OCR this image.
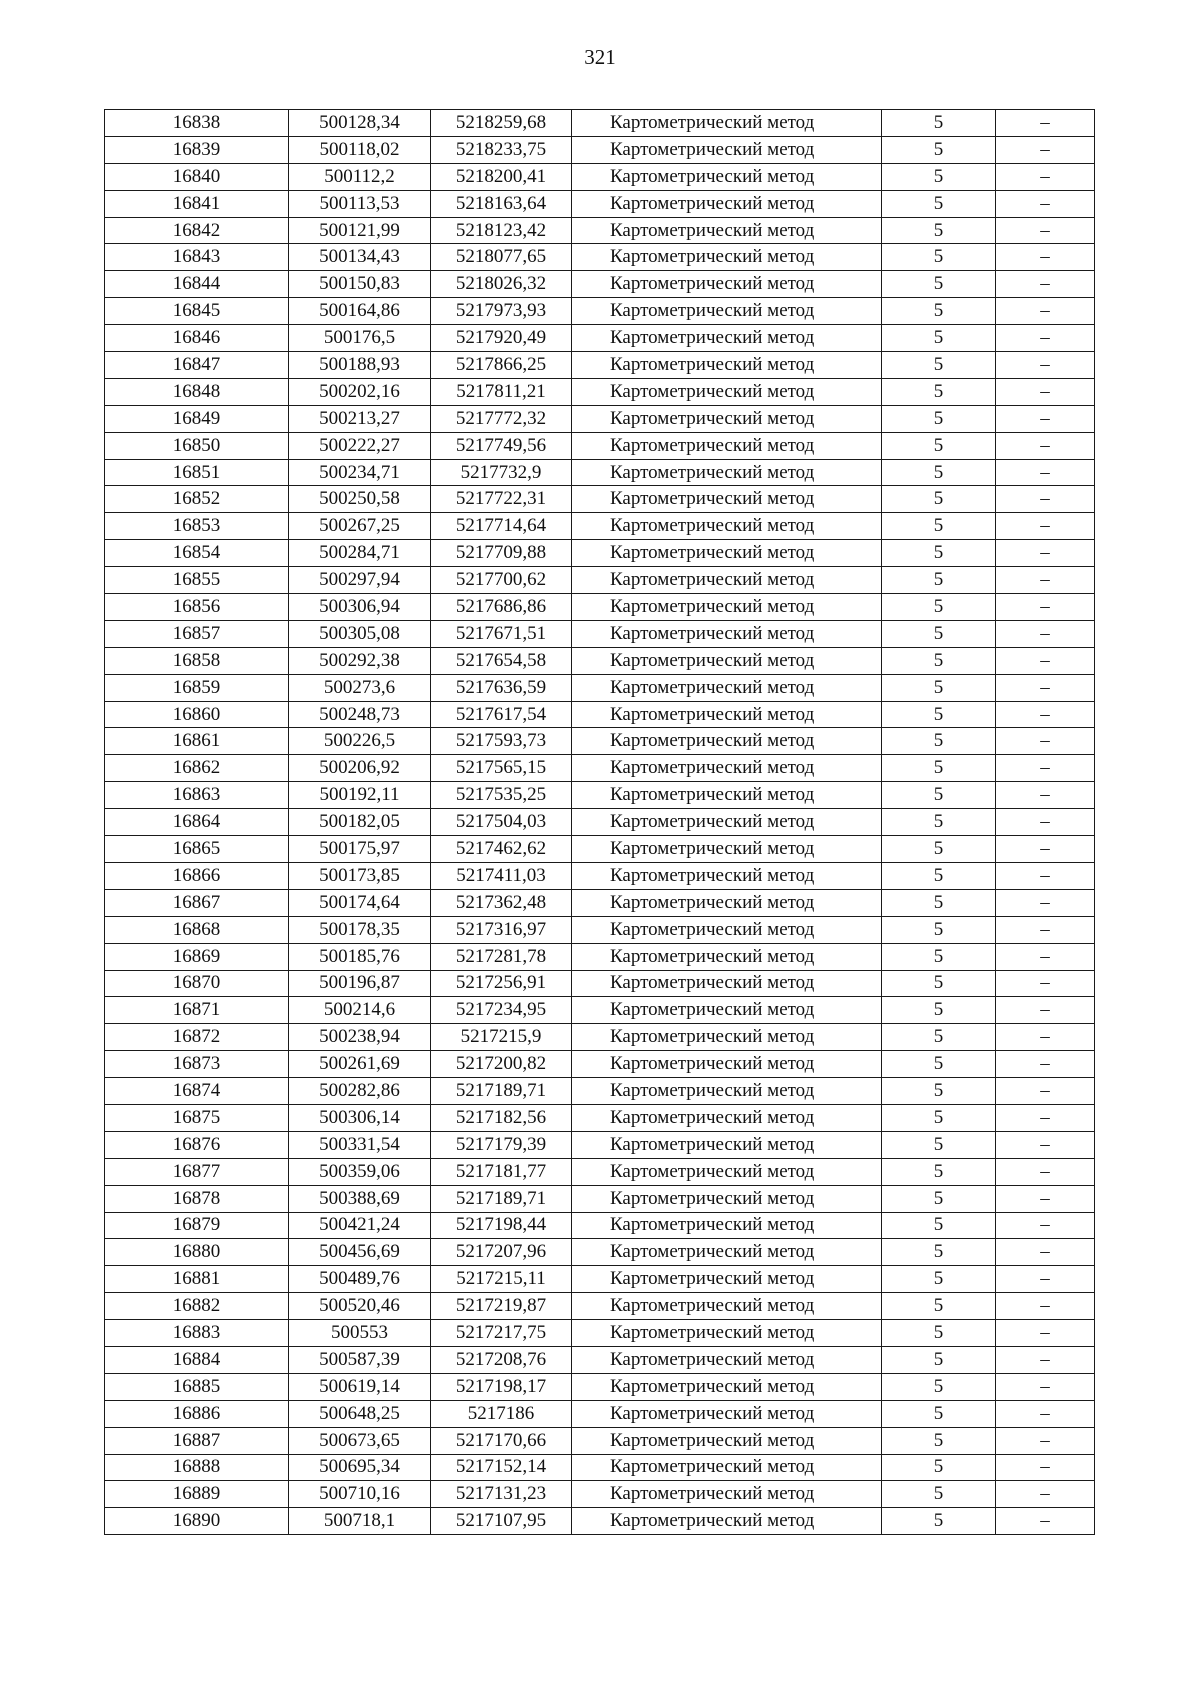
321
16838	500128,34	5218259,68	Картометрический метод	5	–
16839	500118,02	5218233,75	Картометрический метод	5	–
16840	500112,2	5218200,41	Картометрический метод	5	–
16841	500113,53	5218163,64	Картометрический метод	5	–
16842	500121,99	5218123,42	Картометрический метод	5	–
16843	500134,43	5218077,65	Картометрический метод	5	–
16844	500150,83	5218026,32	Картометрический метод	5	–
16845	500164,86	5217973,93	Картометрический метод	5	–
16846	500176,5	5217920,49	Картометрический метод	5	–
16847	500188,93	5217866,25	Картометрический метод	5	–
16848	500202,16	5217811,21	Картометрический метод	5	–
16849	500213,27	5217772,32	Картометрический метод	5	–
16850	500222,27	5217749,56	Картометрический метод	5	–
16851	500234,71	5217732,9	Картометрический метод	5	–
16852	500250,58	5217722,31	Картометрический метод	5	–
16853	500267,25	5217714,64	Картометрический метод	5	–
16854	500284,71	5217709,88	Картометрический метод	5	–
16855	500297,94	5217700,62	Картометрический метод	5	–
16856	500306,94	5217686,86	Картометрический метод	5	–
16857	500305,08	5217671,51	Картометрический метод	5	–
16858	500292,38	5217654,58	Картометрический метод	5	–
16859	500273,6	5217636,59	Картометрический метод	5	–
16860	500248,73	5217617,54	Картометрический метод	5	–
16861	500226,5	5217593,73	Картометрический метод	5	–
16862	500206,92	5217565,15	Картометрический метод	5	–
16863	500192,11	5217535,25	Картометрический метод	5	–
16864	500182,05	5217504,03	Картометрический метод	5	–
16865	500175,97	5217462,62	Картометрический метод	5	–
16866	500173,85	5217411,03	Картометрический метод	5	–
16867	500174,64	5217362,48	Картометрический метод	5	–
16868	500178,35	5217316,97	Картометрический метод	5	–
16869	500185,76	5217281,78	Картометрический метод	5	–
16870	500196,87	5217256,91	Картометрический метод	5	–
16871	500214,6	5217234,95	Картометрический метод	5	–
16872	500238,94	5217215,9	Картометрический метод	5	–
16873	500261,69	5217200,82	Картометрический метод	5	–
16874	500282,86	5217189,71	Картометрический метод	5	–
16875	500306,14	5217182,56	Картометрический метод	5	–
16876	500331,54	5217179,39	Картометрический метод	5	–
16877	500359,06	5217181,77	Картометрический метод	5	–
16878	500388,69	5217189,71	Картометрический метод	5	–
16879	500421,24	5217198,44	Картометрический метод	5	–
16880	500456,69	5217207,96	Картометрический метод	5	–
16881	500489,76	5217215,11	Картометрический метод	5	–
16882	500520,46	5217219,87	Картометрический метод	5	–
16883	500553	5217217,75	Картометрический метод	5	–
16884	500587,39	5217208,76	Картометрический метод	5	–
16885	500619,14	5217198,17	Картометрический метод	5	–
16886	500648,25	5217186	Картометрический метод	5	–
16887	500673,65	5217170,66	Картометрический метод	5	–
16888	500695,34	5217152,14	Картометрический метод	5	–
16889	500710,16	5217131,23	Картометрический метод	5	–
16890	500718,1	5217107,95	Картометрический метод	5	–
